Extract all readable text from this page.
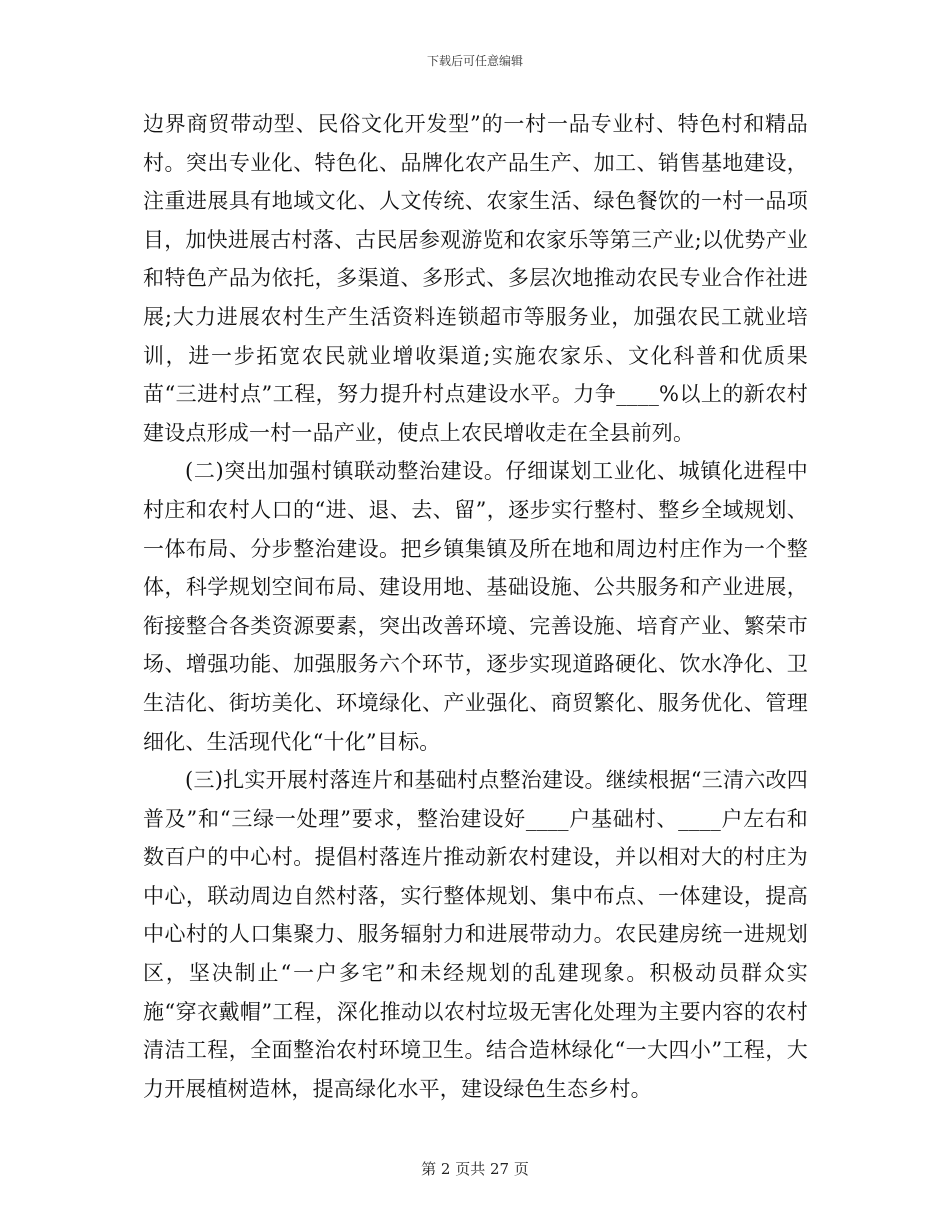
下载后可任意编辑

边界商贸带动型、民俗文化开发型”的一村一品专业村、特色村和精品村。突出专业化、特色化、品牌化农产品生产、加工、销售基地建设，注重进展具有地域文化、人文传统、农家生活、绿色餐饮的一村一品项目，加快进展古村落、古民居参观游览和农家乐等第三产业;以优势产业和特色产品为依托，多渠道、多形式、多层次地推动农民专业合作社进展;大力进展农村生产生活资料连锁超市等服务业，加强农民工就业培训，进一步拓宽农民就业增收渠道;实施农家乐、文化科普和优质果苗“三进村点”工程，努力提升村点建设水平。力争____%以上的新农村建设点形成一村一品产业，使点上农民增收走在全县前列。

(二)突出加强村镇联动整治建设。仔细谋划工业化、城镇化进程中村庄和农村人口的“进、退、去、留”，逐步实行整村、整乡全域规划、一体布局、分步整治建设。把乡镇集镇及所在地和周边村庄作为一个整体，科学规划空间布局、建设用地、基础设施、公共服务和产业进展，衔接整合各类资源要素，突出改善环境、完善设施、培育产业、繁荣市场、增强功能、加强服务六个环节，逐步实现道路硬化、饮水净化、卫生洁化、街坊美化、环境绿化、产业强化、商贸繁化、服务优化、管理细化、生活现代化“十化”目标。

(三)扎实开展村落连片和基础村点整治建设。继续根据“三清六改四普及”和“三绿一处理”要求，整治建设好____户基础村、____户左右和数百户的中心村。提倡村落连片推动新农村建设，并以相对大的村庄为中心，联动周边自然村落，实行整体规划、集中布点、一体建设，提高中心村的人口集聚力、服务辐射力和进展带动力。农民建房统一进规划区，坚决制止“一户多宅”和未经规划的乱建现象。积极动员群众实施“穿衣戴帽”工程，深化推动以农村垃圾无害化处理为主要内容的农村清洁工程，全面整治农村环境卫生。结合造林绿化“一大四小”工程，大力开展植树造林，提高绿化水平，建设绿色生态乡村。

第 2 页共 27 页
